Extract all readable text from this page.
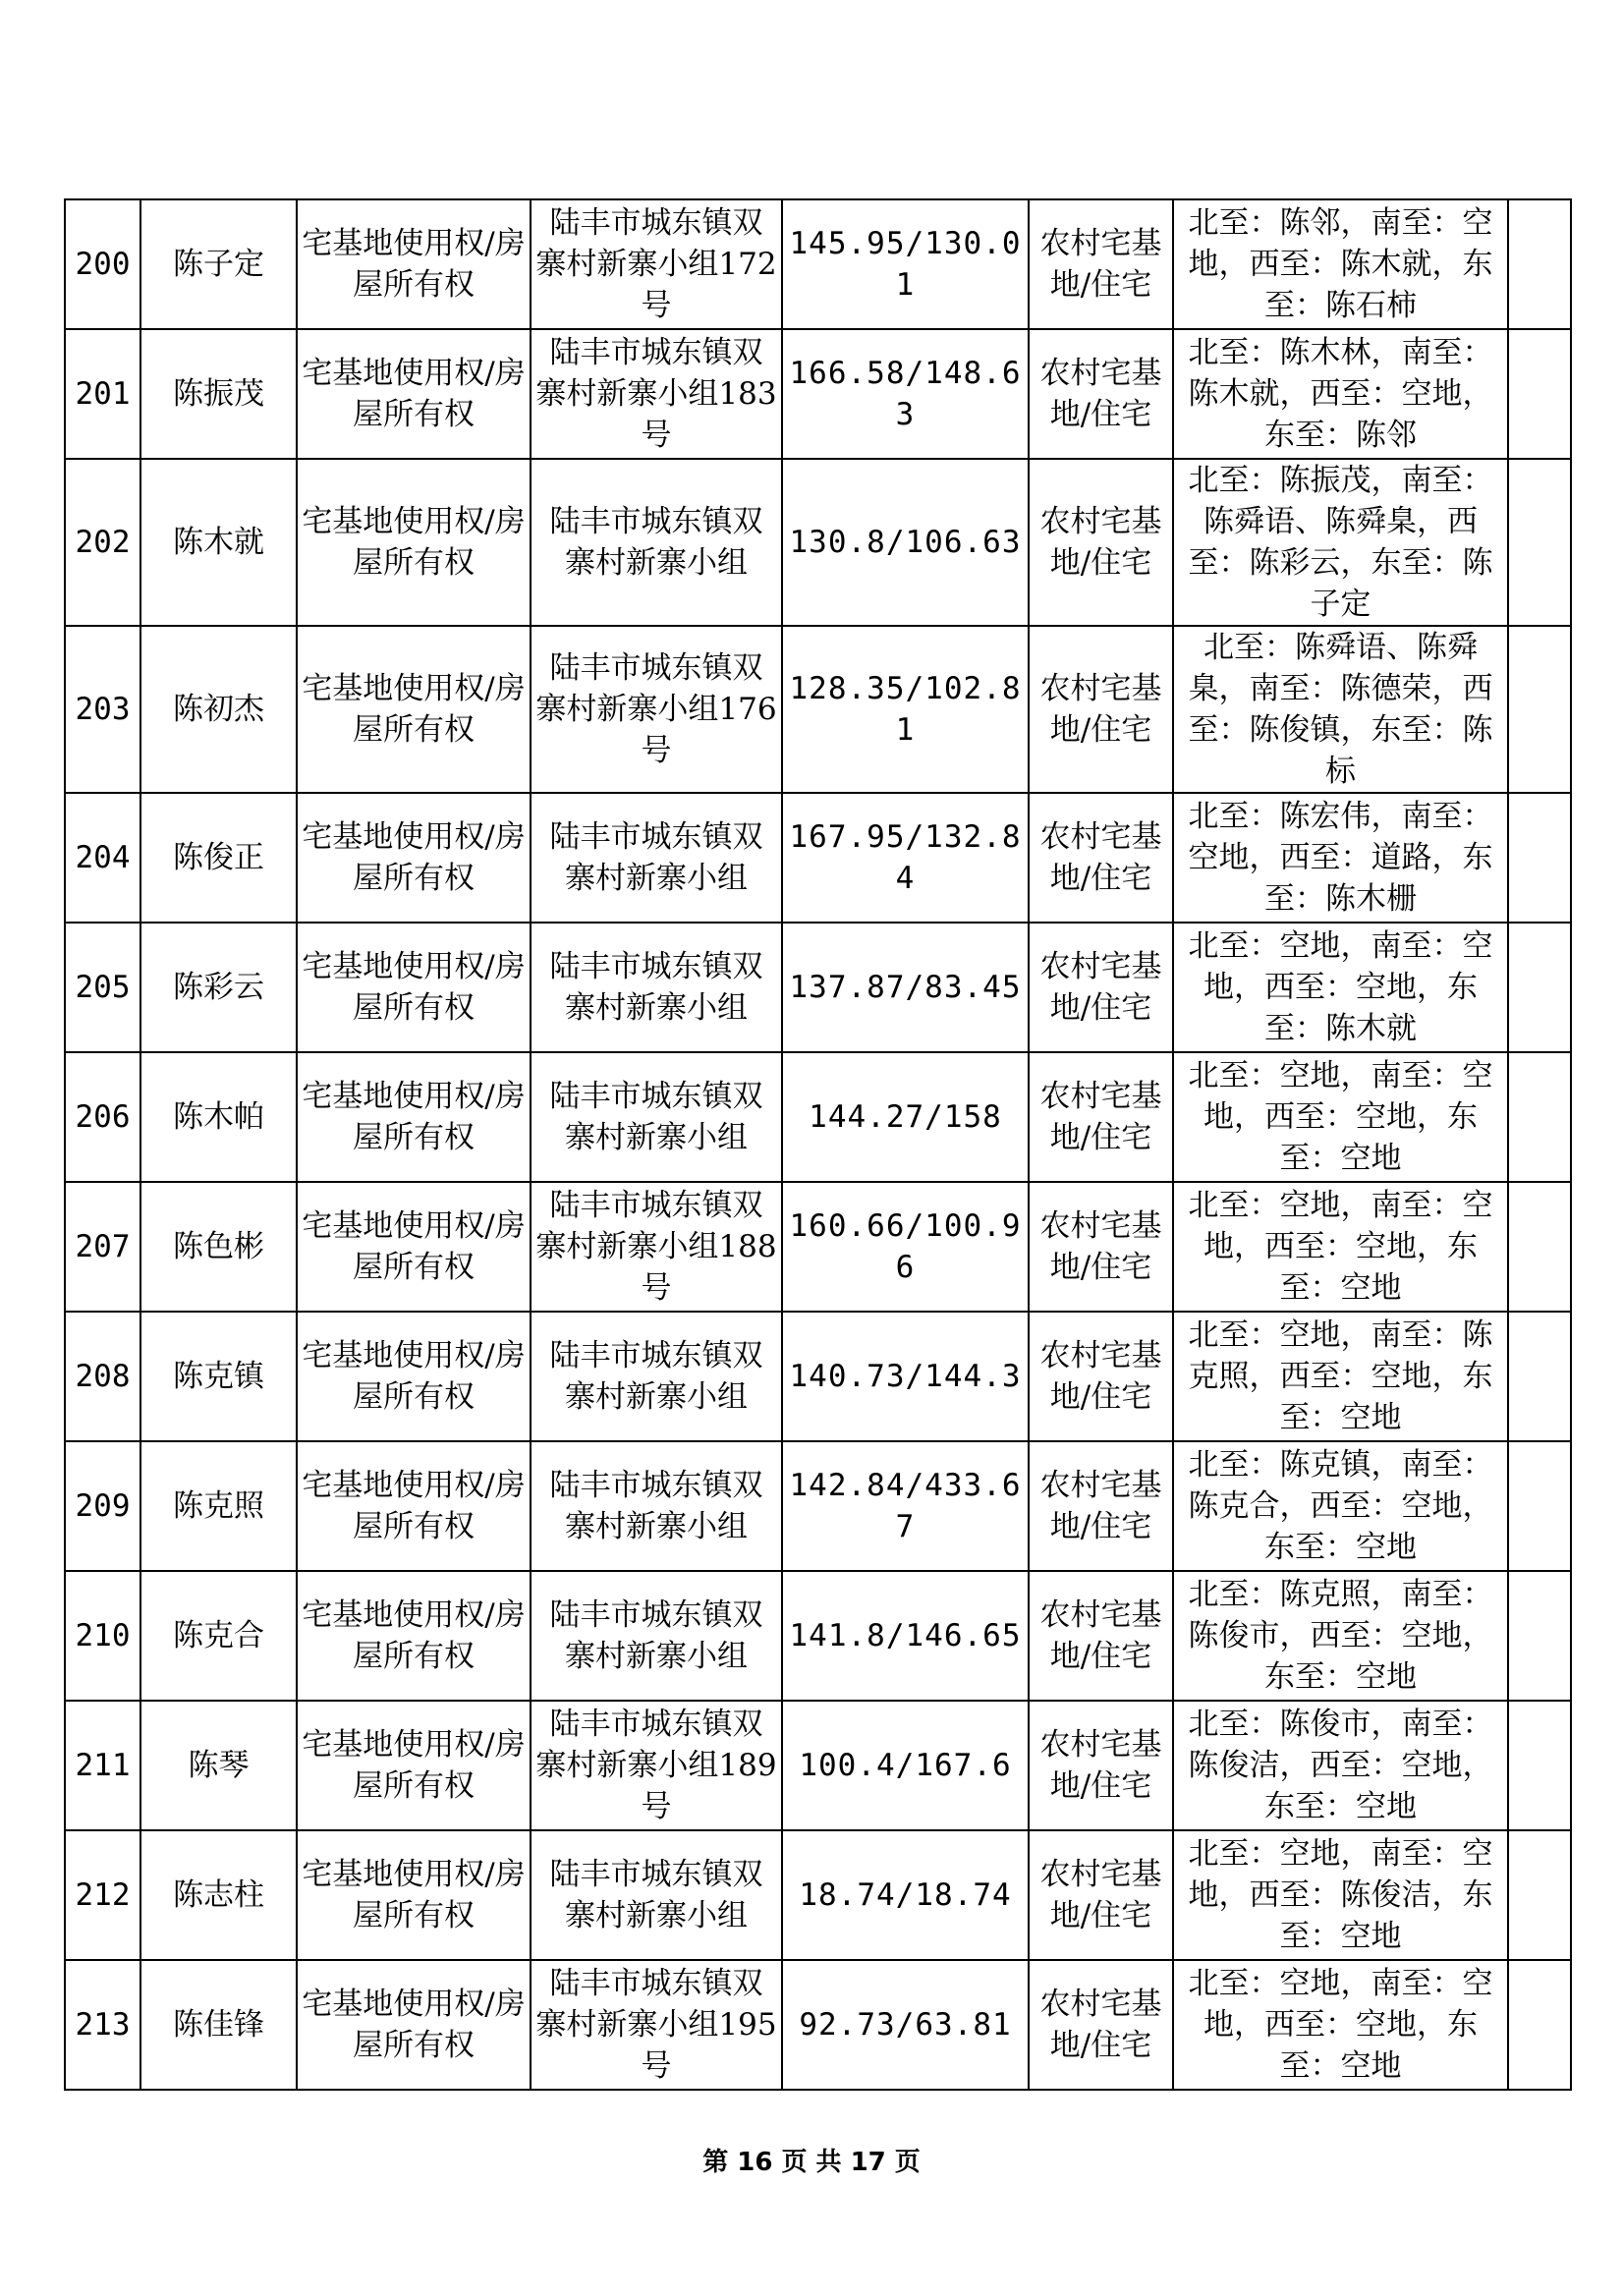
200	陈子定	宅基地使用权/房屋所有权	陆丰市城东镇双寨村新寨小组172号	145.95/130.01	农村宅基地/住宅	北至：陈邻，南至：空地，西至：陈木就，东至：陈石柿	
201	陈振茂	宅基地使用权/房屋所有权	陆丰市城东镇双寨村新寨小组183号	166.58/148.63	农村宅基地/住宅	北至：陈木林，南至：陈木就，西至：空地，东至：陈邻	
202	陈木就	宅基地使用权/房屋所有权	陆丰市城东镇双寨村新寨小组	130.8/106.63	农村宅基地/住宅	北至：陈振茂，南至：陈舜语、陈舜臬，西至：陈彩云，东至：陈子定	
203	陈初杰	宅基地使用权/房屋所有权	陆丰市城东镇双寨村新寨小组176号	128.35/102.81	农村宅基地/住宅	北至：陈舜语、陈舜臬，南至：陈德荣，西至：陈俊镇，东至：陈标	
204	陈俊正	宅基地使用权/房屋所有权	陆丰市城东镇双寨村新寨小组	167.95/132.84	农村宅基地/住宅	北至：陈宏伟，南至：空地，西至：道路，东至：陈木栅	
205	陈彩云	宅基地使用权/房屋所有权	陆丰市城东镇双寨村新寨小组	137.87/83.45	农村宅基地/住宅	北至：空地，南至：空地，西至：空地，东至：陈木就	
206	陈木帕	宅基地使用权/房屋所有权	陆丰市城东镇双寨村新寨小组	144.27/158	农村宅基地/住宅	北至：空地，南至：空地，西至：空地，东至：空地	
207	陈色彬	宅基地使用权/房屋所有权	陆丰市城东镇双寨村新寨小组188号	160.66/100.96	农村宅基地/住宅	北至：空地，南至：空地，西至：空地，东至：空地	
208	陈克镇	宅基地使用权/房屋所有权	陆丰市城东镇双寨村新寨小组	140.73/144.3	农村宅基地/住宅	北至：空地，南至：陈克照，西至：空地，东至：空地	
209	陈克照	宅基地使用权/房屋所有权	陆丰市城东镇双寨村新寨小组	142.84/433.67	农村宅基地/住宅	北至：陈克镇，南至：陈克合，西至：空地，东至：空地	
210	陈克合	宅基地使用权/房屋所有权	陆丰市城东镇双寨村新寨小组	141.8/146.65	农村宅基地/住宅	北至：陈克照，南至：陈俊市，西至：空地，东至：空地	
211	陈琴	宅基地使用权/房屋所有权	陆丰市城东镇双寨村新寨小组189号	100.4/167.6	农村宅基地/住宅	北至：陈俊市，南至：陈俊洁，西至：空地，东至：空地	
212	陈志柱	宅基地使用权/房屋所有权	陆丰市城东镇双寨村新寨小组	18.74/18.74	农村宅基地/住宅	北至：空地，南至：空地，西至：陈俊洁，东至：空地	
213	陈佳锋	宅基地使用权/房屋所有权	陆丰市城东镇双寨村新寨小组195号	92.73/63.81	农村宅基地/住宅	北至：空地，南至：空地，西至：空地，东至：空地	
第 16 页 共 17 页
